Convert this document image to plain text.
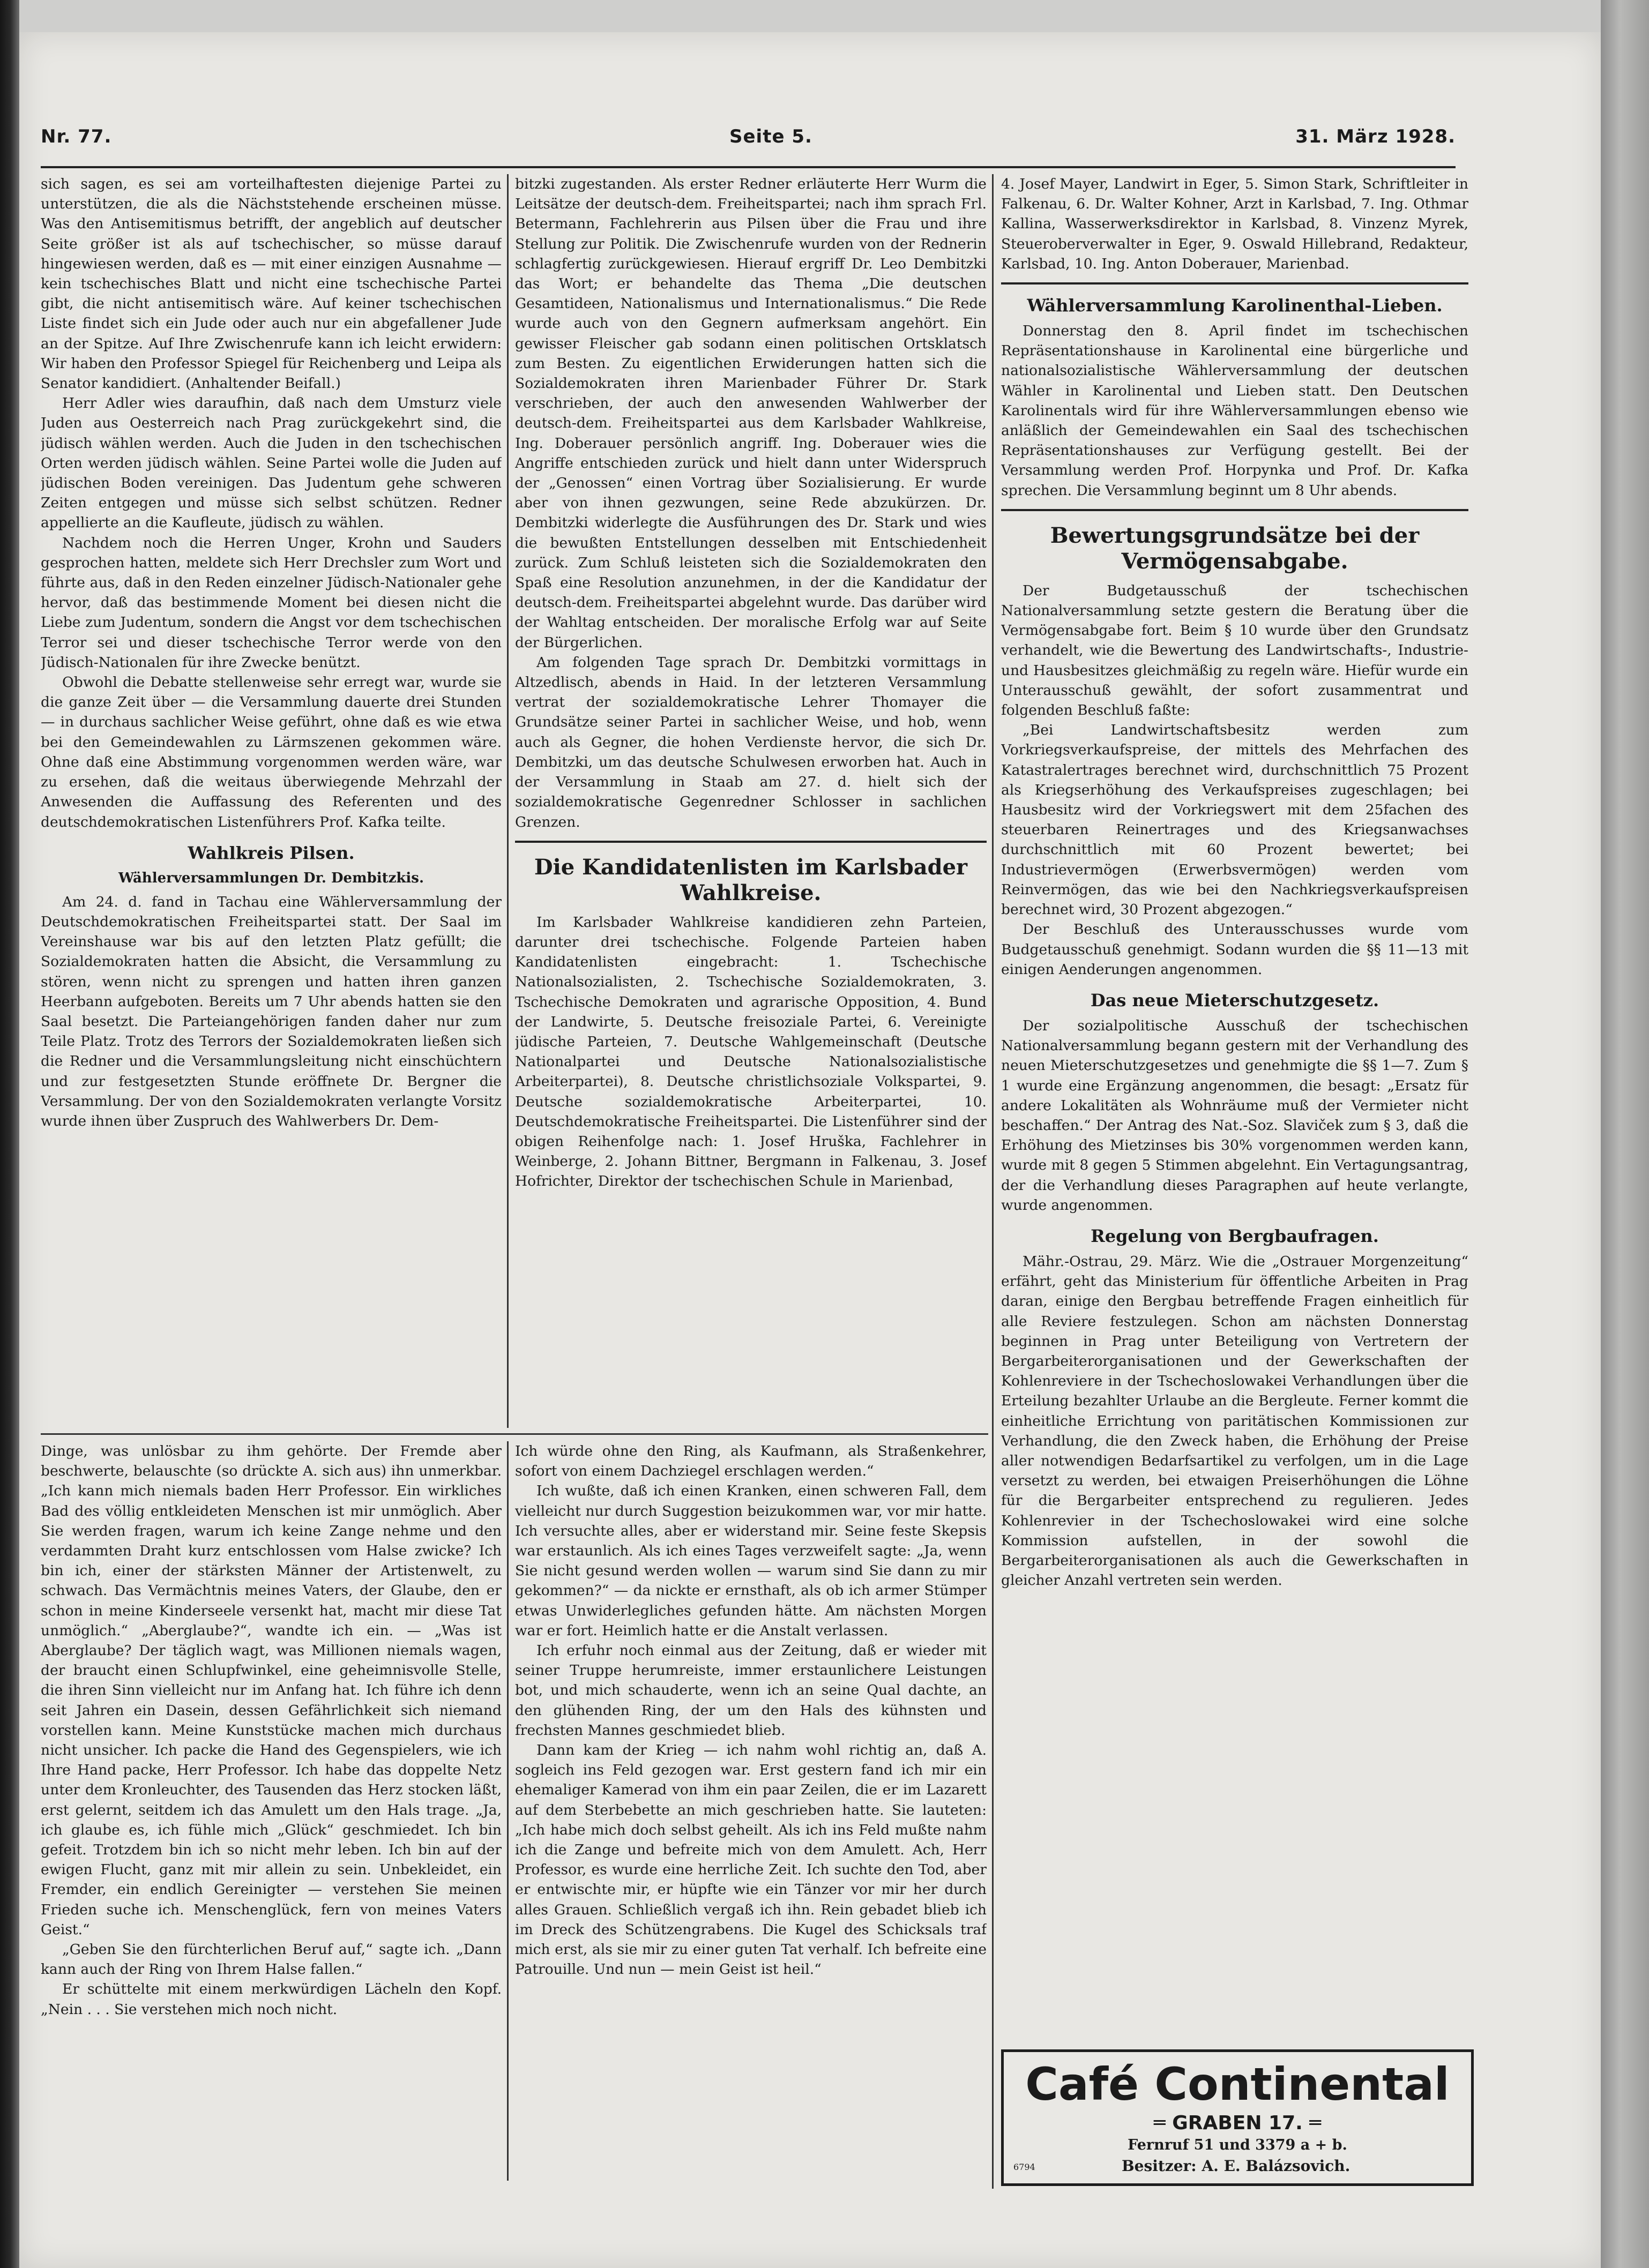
Nr. 77.	Seite 5.	31. März 1928.

sich sagen, es sei am vorteilhaftesten diejenige Partei zu unterstützen, die als die Nächststehende erscheinen müsse. Was den Antisemitismus betrifft, der angeblich auf deutscher Seite größer ist als auf tschechischer, so müsse darauf hingewiesen werden, daß es — mit einer einzigen Ausnahme — kein tschechisches Blatt und nicht eine tschechische Partei gibt, die nicht antisemitisch wäre. Auf keiner tschechischen Liste findet sich ein Jude oder auch nur ein abgefallener Jude an der Spitze. Auf Ihre Zwischenrufe kann ich leicht erwidern: Wir haben den Professor Spiegel für Reichenberg und Leipa als Senator kandidiert. (Anhaltender Beifall.)

Herr Adler wies daraufhin, daß nach dem Umsturz viele Juden aus Oesterreich nach Prag zurückgekehrt sind, die jüdisch wählen werden. Auch die Juden in den tschechischen Orten werden jüdisch wählen. Seine Partei wolle die Juden auf jüdischen Boden vereinigen. Das Judentum gehe schweren Zeiten entgegen und müsse sich selbst schützen. Redner appellierte an die Kaufleute, jüdisch zu wählen.

Nachdem noch die Herren Unger, Krohn und Sauders gesprochen hatten, meldete sich Herr Drechsler zum Wort und führte aus, daß in den Reden einzelner Jüdisch-Nationaler gehe hervor, daß das bestimmende Moment bei diesen nicht die Liebe zum Judentum, sondern die Angst vor dem tschechischen Terror sei und dieser tschechische Terror werde von den Jüdisch-Nationalen für ihre Zwecke benützt.

Obwohl die Debatte stellenweise sehr erregt war, wurde sie die ganze Zeit über — die Versammlung dauerte drei Stunden — in durchaus sachlicher Weise geführt, ohne daß es wie etwa bei den Gemeindewahlen zu Lärmszenen gekommen wäre. Ohne daß eine Abstimmung vorgenommen werden wäre, war zu ersehen, daß die weitaus überwiegende Mehrzahl der Anwesenden die Auffassung des Referenten und des deutschdemokratischen Listenführers Prof. Kafka teilte.

Wahlkreis Pilsen.
Wählerversammlungen Dr. Dembitzkis.

Am 24. d. fand in Tachau eine Wählerversammlung der Deutschdemokratischen Freiheitspartei statt. Der Saal im Vereinshause war bis auf den letzten Platz gefüllt; die Sozialdemokraten hatten die Absicht, die Versammlung zu stören, wenn nicht zu sprengen und hatten ihren ganzen Heerbann aufgeboten. Bereits um 7 Uhr abends hatten sie den Saal besetzt. Die Parteiangehörigen fanden daher nur zum Teile Platz. Trotz des Terrors der Sozialdemokraten ließen sich die Redner und die Versammlungsleitung nicht einschüchtern und zur festgesetzten Stunde eröffnete Dr. Bergner die Versammlung. Der von den Sozialdemokraten verlangte Vorsitz wurde ihnen über Zuspruch des Wahlwerbers Dr. Dem-

bitzki zugestanden. Als erster Redner erläuterte Herr Wurm die Leitsätze der deutsch-dem. Freiheitspartei; nach ihm sprach Frl. Betermann, Fachlehrerin aus Pilsen über die Frau und ihre Stellung zur Politik. Die Zwischenrufe wurden von der Rednerin schlagfertig zurückgewiesen. Hierauf ergriff Dr. Leo Dembitzki das Wort; er behandelte das Thema „Die deutschen Gesamtideen, Nationalismus und Internationalismus.“ Die Rede wurde auch von den Gegnern aufmerksam angehört. Ein gewisser Fleischer gab sodann einen politischen Ortsklatsch zum Besten. Zu eigentlichen Erwiderungen hatten sich die Sozialdemokraten ihren Marienbader Führer Dr. Stark verschrieben, der auch den anwesenden Wahlwerber der deutsch-dem. Freiheitspartei aus dem Karlsbader Wahlkreise, Ing. Doberauer persönlich angriff. Ing. Doberauer wies die Angriffe entschieden zurück und hielt dann unter Widerspruch der „Genossen“ einen Vortrag über Sozialisierung. Er wurde aber von ihnen gezwungen, seine Rede abzukürzen. Dr. Dembitzki widerlegte die Ausführungen des Dr. Stark und wies die bewußten Entstellungen desselben mit Entschiedenheit zurück. Zum Schluß leisteten sich die Sozialdemokraten den Spaß eine Resolution anzunehmen, in der die Kandidatur der deutsch-dem. Freiheitspartei abgelehnt wurde. Das darüber wird der Wahltag entscheiden. Der moralische Erfolg war auf Seite der Bürgerlichen.

Am folgenden Tage sprach Dr. Dembitzki vormittags in Altzedlisch, abends in Haid. In der letzteren Versammlung vertrat der sozialdemokratische Lehrer Thomayer die Grundsätze seiner Partei in sachlicher Weise, und hob, wenn auch als Gegner, die hohen Verdienste hervor, die sich Dr. Dembitzki, um das deutsche Schulwesen erworben hat. Auch in der Versammlung in Staab am 27. d. hielt sich der sozialdemokratische Gegenredner Schlosser in sachlichen Grenzen.

Die Kandidatenlisten im Karlsbader Wahlkreise.

Im Karlsbader Wahlkreise kandidieren zehn Parteien, darunter drei tschechische. Folgende Parteien haben Kandidatenlisten eingebracht: 1. Tschechische Nationalsozialisten, 2. Tschechische Sozialdemokraten, 3. Tschechische Demokraten und agrarische Opposition, 4. Bund der Landwirte, 5. Deutsche freisoziale Partei, 6. Vereinigte jüdische Parteien, 7. Deutsche Wahlgemeinschaft (Deutsche Nationalpartei und Deutsche Nationalsozialistische Arbeiterpartei), 8. Deutsche christlichsoziale Volkspartei, 9. Deutsche sozialdemokratische Arbeiterpartei, 10. Deutschdemokratische Freiheitspartei. Die Listenführer sind der obigen Reihenfolge nach: 1. Josef Hruška, Fachlehrer in Weinberge, 2. Johann Bittner, Bergmann in Falkenau, 3. Josef Hofrichter, Direktor der tschechischen Schule in Marienbad,

4. Josef Mayer, Landwirt in Eger, 5. Simon Stark, Schriftleiter in Falkenau, 6. Dr. Walter Kohner, Arzt in Karlsbad, 7. Ing. Othmar Kallina, Wasserwerksdirektor in Karlsbad, 8. Vinzenz Myrek, Steueroberverwalter in Eger, 9. Oswald Hillebrand, Redakteur, Karlsbad, 10. Ing. Anton Doberauer, Marienbad.

Wählerversammlung Karolinenthal-Lieben.

Donnerstag den 8. April findet im tschechischen Repräsentationshause in Karolinental eine bürgerliche und nationalsozialistische Wählerversammlung der deutschen Wähler in Karolinental und Lieben statt. Den Deutschen Karolinentals wird für ihre Wählerversammlungen ebenso wie anläßlich der Gemeindewahlen ein Saal des tschechischen Repräsentationshauses zur Verfügung gestellt. Bei der Versammlung werden Prof. Horpynka und Prof. Dr. Kafka sprechen. Die Versammlung beginnt um 8 Uhr abends.

Bewertungsgrundsätze bei der Vermögensabgabe.

Der Budgetausschuß der tschechischen Nationalversammlung setzte gestern die Beratung über die Vermögensabgabe fort. Beim § 10 wurde über den Grundsatz verhandelt, wie die Bewertung des Landwirtschafts-, Industrie- und Hausbesitzes gleichmäßig zu regeln wäre. Hiefür wurde ein Unterausschuß gewählt, der sofort zusammentrat und folgenden Beschluß faßte:

„Bei Landwirtschaftsbesitz werden zum Vorkriegsverkaufspreise, der mittels des Mehrfachen des Katastralertrages berechnet wird, durchschnittlich 75 Prozent als Kriegserhöhung des Verkaufspreises zugeschlagen; bei Hausbesitz wird der Vorkriegswert mit dem 25fachen des steuerbaren Reinertrages und des Kriegsanwachses durchschnittlich mit 60 Prozent bewertet; bei Industrievermögen (Erwerbsvermögen) werden vom Reinvermögen, das wie bei den Nachkriegsverkaufspreisen berechnet wird, 30 Prozent abgezogen.“

Der Beschluß des Unterausschusses wurde vom Budgetausschuß genehmigt. Sodann wurden die §§ 11—13 mit einigen Aenderungen angenommen.

Das neue Mieterschutzgesetz.

Der sozialpolitische Ausschuß der tschechischen Nationalversammlung begann gestern mit der Verhandlung des neuen Mieterschutzgesetzes und genehmigte die §§ 1—7. Zum § 1 wurde eine Ergänzung angenommen, die besagt: „Ersatz für andere Lokalitäten als Wohnräume muß der Vermieter nicht beschaffen.“ Der Antrag des Nat.-Soz. Slaviček zum § 3, daß die Erhöhung des Mietzinses bis 30% vorgenommen werden kann, wurde mit 8 gegen 5 Stimmen abgelehnt. Ein Vertagungsantrag, der die Verhandlung dieses Paragraphen auf heute verlangte, wurde angenommen.

Regelung von Bergbaufragen.

Mähr.-Ostrau, 29. März. Wie die „Ostrauer Morgenzeitung“ erfährt, geht das Ministerium für öffentliche Arbeiten in Prag daran, einige den Bergbau betreffende Fragen einheitlich für alle Reviere festzulegen. Schon am nächsten Donnerstag beginnen in Prag unter Beteiligung von Vertretern der Bergarbeiterorganisationen und der Gewerkschaften der Kohlenreviere in der Tschechoslowakei Verhandlungen über die Erteilung bezahlter Urlaube an die Bergleute. Ferner kommt die einheitliche Errichtung von paritätischen Kommissionen zur Verhandlung, die den Zweck haben, die Erhöhung der Preise aller notwendigen Bedarfsartikel zu verfolgen, um in die Lage versetzt zu werden, bei etwaigen Preiserhöhungen die Löhne für die Bergarbeiter entsprechend zu regulieren. Jedes Kohlenrevier in der Tschechoslowakei wird eine solche Kommission aufstellen, in der sowohl die Bergarbeiterorganisationen als auch die Gewerkschaften in gleicher Anzahl vertreten sein werden.

Dinge, was unlösbar zu ihm gehörte. Der Fremde aber beschwerte, belauschte (so drückte A. sich aus) ihn unmerkbar. „Ich kann mich niemals baden Herr Professor. Ein wirkliches Bad des völlig entkleideten Menschen ist mir unmöglich. Aber Sie werden fragen, warum ich keine Zange nehme und den verdammten Draht kurz entschlossen vom Halse zwicke? Ich bin ich, einer der stärksten Männer der Artistenwelt, zu schwach. Das Vermächtnis meines Vaters, der Glaube, den er schon in meine Kinderseele versenkt hat, macht mir diese Tat unmöglich.“ „Aberglaube?“, wandte ich ein. — „Was ist Aberglaube? Der täglich wagt, was Millionen niemals wagen, der braucht einen Schlupfwinkel, eine geheimnisvolle Stelle, die ihren Sinn vielleicht nur im Anfang hat. Ich führe ich denn seit Jahren ein Dasein, dessen Gefährlichkeit sich niemand vorstellen kann. Meine Kunststücke machen mich durchaus nicht unsicher. Ich packe die Hand des Gegenspielers, wie ich Ihre Hand packe, Herr Professor. Ich habe das doppelte Netz unter dem Kronleuchter, des Tausenden das Herz stocken läßt, erst gelernt, seitdem ich das Amulett um den Hals trage. „Ja, ich glaube es, ich fühle mich „Glück“ geschmiedet. Ich bin gefeit. Trotzdem bin ich so nicht mehr leben. Ich bin auf der ewigen Flucht, ganz mit mir allein zu sein. Unbekleidet, ein Fremder, ein endlich Gereinigter — verstehen Sie meinen Frieden suche ich. Menschenglück, fern von meines Vaters Geist.“

„Geben Sie den fürchterlichen Beruf auf,“ sagte ich. „Dann kann auch der Ring von Ihrem Halse fallen.“

Er schüttelte mit einem merkwürdigen Lächeln den Kopf. „Nein . . . Sie verstehen mich noch nicht.

Ich würde ohne den Ring, als Kaufmann, als Straßenkehrer, sofort von einem Dachziegel erschlagen werden.“

Ich wußte, daß ich einen Kranken, einen schweren Fall, dem vielleicht nur durch Suggestion beizukommen war, vor mir hatte. Ich versuchte alles, aber er widerstand mir. Seine feste Skepsis war erstaunlich. Als ich eines Tages verzweifelt sagte: „Ja, wenn Sie nicht gesund werden wollen — warum sind Sie dann zu mir gekommen?“ — da nickte er ernsthaft, als ob ich armer Stümper etwas Unwiderlegliches gefunden hätte. Am nächsten Morgen war er fort. Heimlich hatte er die Anstalt verlassen.

Ich erfuhr noch einmal aus der Zeitung, daß er wieder mit seiner Truppe herumreiste, immer erstaunlichere Leistungen bot, und mich schauderte, wenn ich an seine Qual dachte, an den glühenden Ring, der um den Hals des kühnsten und frechsten Mannes geschmiedet blieb.

Dann kam der Krieg — ich nahm wohl richtig an, daß A. sogleich ins Feld gezogen war. Erst gestern fand ich mir ein ehemaliger Kamerad von ihm ein paar Zeilen, die er im Lazarett auf dem Sterbebette an mich geschrieben hatte. Sie lauteten: „Ich habe mich doch selbst geheilt. Als ich ins Feld mußte nahm ich die Zange und befreite mich von dem Amulett. Ach, Herr Professor, es wurde eine herrliche Zeit. Ich suchte den Tod, aber er entwischte mir, er hüpfte wie ein Tänzer vor mir her durch alles Grauen. Schließlich vergaß ich ihn. Rein gebadet blieb ich im Dreck des Schützengrabens. Die Kugel des Schicksals traf mich erst, als sie mir zu einer guten Tat verhalf. Ich befreite eine Patrouille. Und nun — mein Geist ist heil.“

Café Continental
═ GRABEN 17. ═
Fernruf 51 und 3379 a + b.
Besitzer: A. E. Balázsovich.
6794
